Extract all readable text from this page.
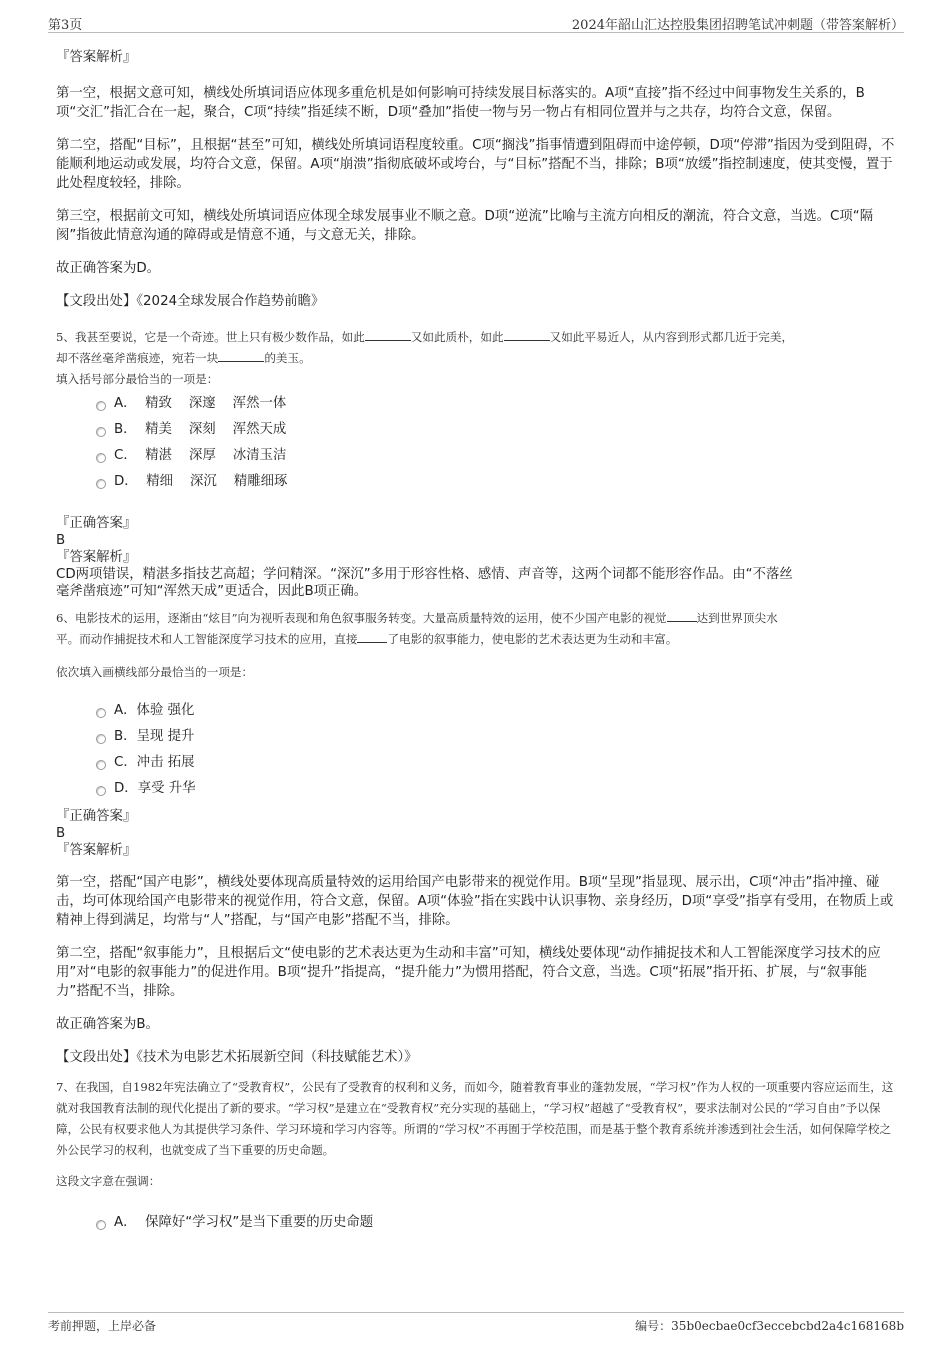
第3页	2024年韶山汇达控股集团招聘笔试冲刺题（带答案解析）

『答案解析』

第一空，根据文意可知，横线处所填词语应体现多重危机是如何影响可持续发展目标落实的。A项“直接”指不经过中间事物发生关系的，B项“交汇”指汇合在一起，聚合，C项“持续”指延续不断，D项“叠加”指使一物与另一物占有相同位置并与之共存，均符合文意，保留。

第二空，搭配“目标”，且根据“甚至”可知，横线处所填词语程度较重。C项“搁浅”指事情遭到阻碍而中途停顿，D项“停滞”指因为受到阻碍，不能顺利地运动或发展，均符合文意，保留。A项“崩溃”指彻底破坏或垮台，与“目标”搭配不当，排除；B项“放缓”指控制速度，使其变慢，置于此处程度较轻，排除。

第三空，根据前文可知，横线处所填词语应体现全球发展事业不顺之意。D项“逆流”比喻与主流方向相反的潮流，符合文意，当选。C项“隔阂”指彼此情意沟通的障碍或是情意不通，与文意无关，排除。

故正确答案为D。

【文段出处】《2024全球发展合作趋势前瞻》

5、我甚至要说，它是一个奇迹。世上只有极少数作品，如此	又如此质朴，如此	又如此平易近人，从内容到形式都几近于完美，
却不落丝毫斧凿痕迹，宛若一块	的美玉。

填入括号部分最恰当的一项是：

A．  精致    深邃    浑然一体
B．  精美    深刻    浑然天成
C．  精湛    深厚    冰清玉洁
D．  精细    深沉    精雕细琢

『正确答案』

B

『答案解析』

CD两项错误，精湛多指技艺高超；学问精深。“深沉”多用于形容性格、感情、声音等，这两个词都不能形容作品。由“不落丝

毫斧凿痕迹”可知“浑然天成”更适合，因此B项正确。

6、电影技术的运用，逐渐由“炫目”向为视听表现和角色叙事服务转变。大量高质量特效的运用，使不少国产电影的视觉	达到世界顶尖水
平。而动作捕捉技术和人工智能深度学习技术的应用，直接	了电影的叙事能力，使电影的艺术表达更为生动和丰富。

依次填入画横线部分最恰当的一项是：

A．体验 强化
B．呈现 提升
C．冲击 拓展
D．享受 升华

『正确答案』

B

『答案解析』

第一空，搭配“国产电影”，横线处要体现高质量特效的运用给国产电影带来的视觉作用。B项“呈现”指显现、展示出，C项“冲击”指冲撞、碰击，均可体现给国产电影带来的视觉作用，符合文意，保留。A项“体验”指在实践中认识事物、亲身经历，D项“享受”指享有受用，在物质上或精神上得到满足，均常与“人”搭配，与“国产电影”搭配不当，排除。

第二空，搭配“叙事能力”，且根据后文“使电影的艺术表达更为生动和丰富”可知，横线处要体现“动作捕捉技术和人工智能深度学习技术的应用”对“电影的叙事能力”的促进作用。B项“提升”指提高，“提升能力”为惯用搭配，符合文意，当选。C项“拓展”指开拓、扩展，与“叙事能力”搭配不当，排除。

故正确答案为B。

【文段出处】《技术为电影艺术拓展新空间（科技赋能艺术）》

7、在我国，自1982年宪法确立了“受教育权”，公民有了受教育的权利和义务，而如今，随着教育事业的蓬勃发展，“学习权”作为人权的一项重要内容应运而生，这就对我国教育法制的现代化提出了新的要求。“学习权”是建立在“受教育权”充分实现的基础上，“学习权”超越了“受教育权”，要求法制对公民的“学习自由”予以保障，公民有权要求他人为其提供学习条件、学习环境和学习内容等。所谓的“学习权”不再囿于学校范围，而是基于整个教育系统并渗透到社会生活，如何保障学校之外公民学习的权利，也就变成了当下重要的历史命题。

这段文字意在强调：

A．  保障好“学习权”是当下重要的历史命题
考前押题，上岸必备	编号：35b0ecbae0cf3eccebcbd2a4c168168b
